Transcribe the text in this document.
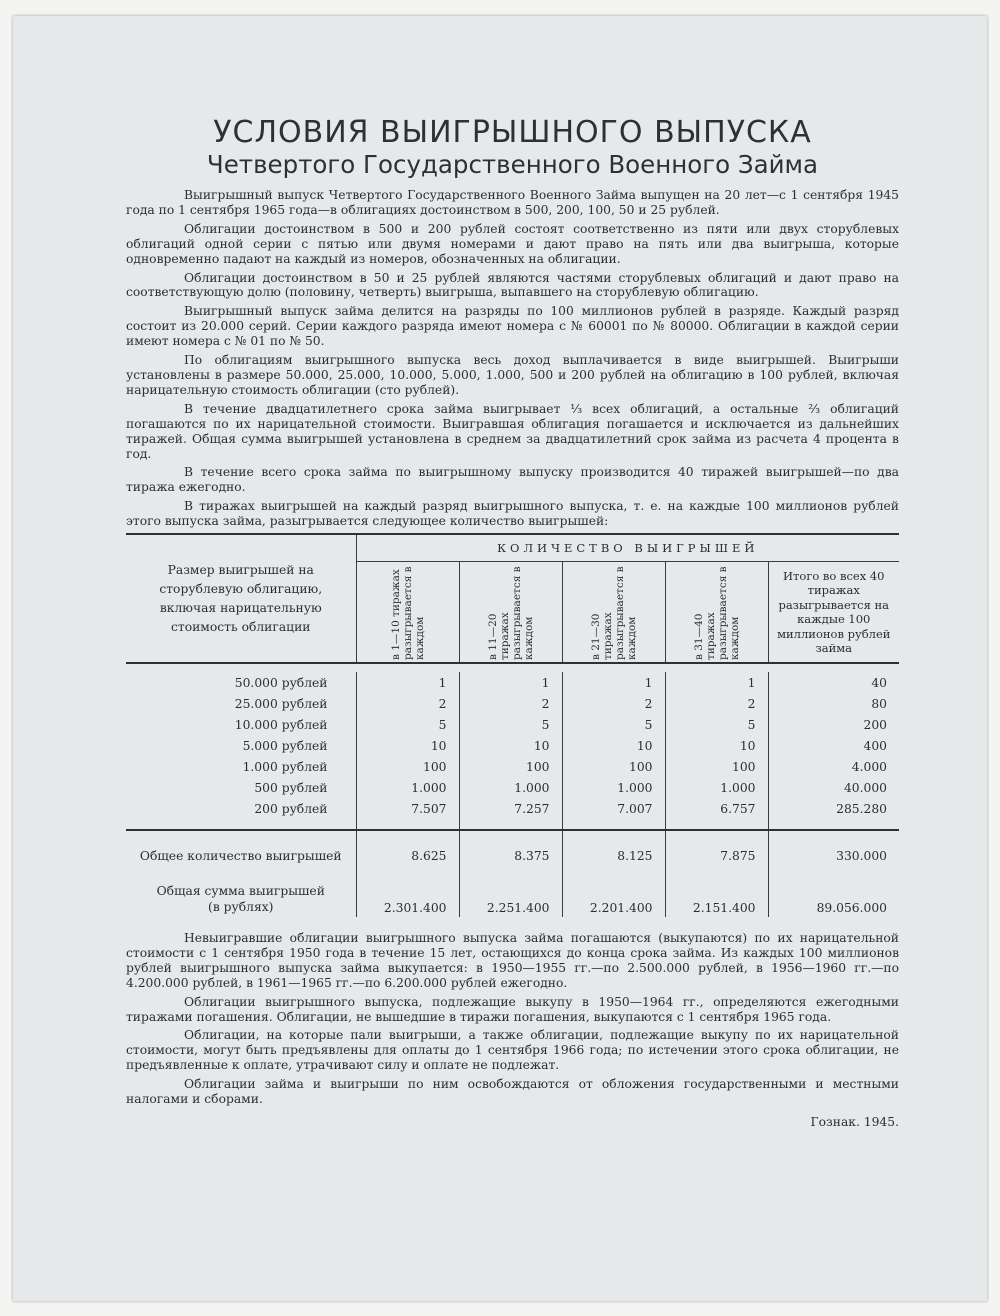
УСЛОВИЯ ВЫИГРЫШНОГО ВЫПУСКА
Четвертого Государственного Военного Займа

Выигрышный выпуск Четвертого Государственного Военного Займа выпущен на 20 лет—с 1 сентября 1945 года по 1 сентября 1965 года—в облигациях достоинством в 500, 200, 100, 50 и 25 рублей.

Облигации достоинством в 500 и 200 рублей состоят соответственно из пяти или двух сторублевых облигаций одной серии с пятью или двумя номерами и дают право на пять или два выигрыша, которые одновременно падают на каждый из номеров, обозначенных на облигации.

Облигации достоинством в 50 и 25 рублей являются частями сторублевых облигаций и дают право на соответствующую долю (половину, четверть) выигрыша, выпавшего на сторублевую облигацию.

Выигрышный выпуск займа делится на разряды по 100 миллионов рублей в разряде. Каждый разряд состоит из 20.000 серий. Серии каждого разряда имеют номера с № 60001 по № 80000. Облигации в каждой серии имеют номера с № 01 по № 50.

По облигациям выигрышного выпуска весь доход выплачивается в виде выигрышей. Выигрыши установлены в размере 50.000, 25.000, 10.000, 5.000, 1.000, 500 и 200 рублей на облигацию в 100 рублей, включая нарицательную стоимость облигации (сто рублей).

В течение двадцатилетнего срока займа выигрывает ⅓ всех облигаций, а остальные ⅔ облигаций погашаются по их нарицательной стоимости. Выигравшая облигация погашается и исключается из дальнейших тиражей. Общая сумма выигрышей установлена в среднем за двадцатилетний срок займа из расчета 4 процента в год.

В течение всего срока займа по выигрышному выпуску производится 40 тиражей выигрышей—по два тиража ежегодно.

В тиражах выигрышей на каждый разряд выигрышного выпуска, т. е. на каждые 100 миллионов рублей этого выпуска займа, разыгрывается следующее количество выигрышей:

Размер выигрышей на сторублевую облигацию, включая нарицательную стоимость облигации	КОЛИЧЕСТВО ВЫИГРЫШЕЙ				

	в 1—10 тиражах разыгрывается в каждом	в 11—20 тиражах разыгрывается в каждом	в 21—30 тиражах разыгрывается в каждом	в 31—40 тиражах разыгрывается в каждом	Итого во всех 40 тиражах разыгрывается на каждые 100 миллионов рублей займа

50.000 рублей	1	1	1	1	40
25.000 рублей	2	2	2	2	80
10.000 рублей	5	5	5	5	200
5.000 рублей	10	10	10	10	400
1.000 рублей	100	100	100	100	4.000
500 рублей	1.000	1.000	1.000	1.000	40.000
200 рублей	7.507	7.257	7.007	6.757	285.280

Общее количество выигрышей	8.625	8.375	8.125	7.875	330.000
Общая сумма выигрышей
(в рублях)	2.301.400	2.251.400	2.201.400	2.151.400	89.056.000

Невыигравшие облигации выигрышного выпуска займа погашаются (выкупаются) по их нарицательной стоимости с 1 сентября 1950 года в течение 15 лет, остающихся до конца срока займа. Из каждых 100 миллионов рублей выигрышного выпуска займа выкупается: в 1950—1955 гг.—по 2.500.000 рублей, в 1956—1960 гг.—по 4.200.000 рублей, в 1961—1965 гг.—по 6.200.000 рублей ежегодно.

Облигации выигрышного выпуска, подлежащие выкупу в 1950—1964 гг., определяются ежегодными тиражами погашения. Облигации, не вышедшие в тиражи погашения, выкупаются с 1 сентября 1965 года.

Облигации, на которые пали выигрыши, а также облигации, подлежащие выкупу по их нарицательной стоимости, могут быть предъявлены для оплаты до 1 сентября 1966 года; по истечении этого срока облигации, не предъявленные к оплате, утрачивают силу и оплате не подлежат.

Облигации займа и выигрыши по ним освобождаются от обложения государственными и местными налогами и сборами.

Гознак. 1945.
